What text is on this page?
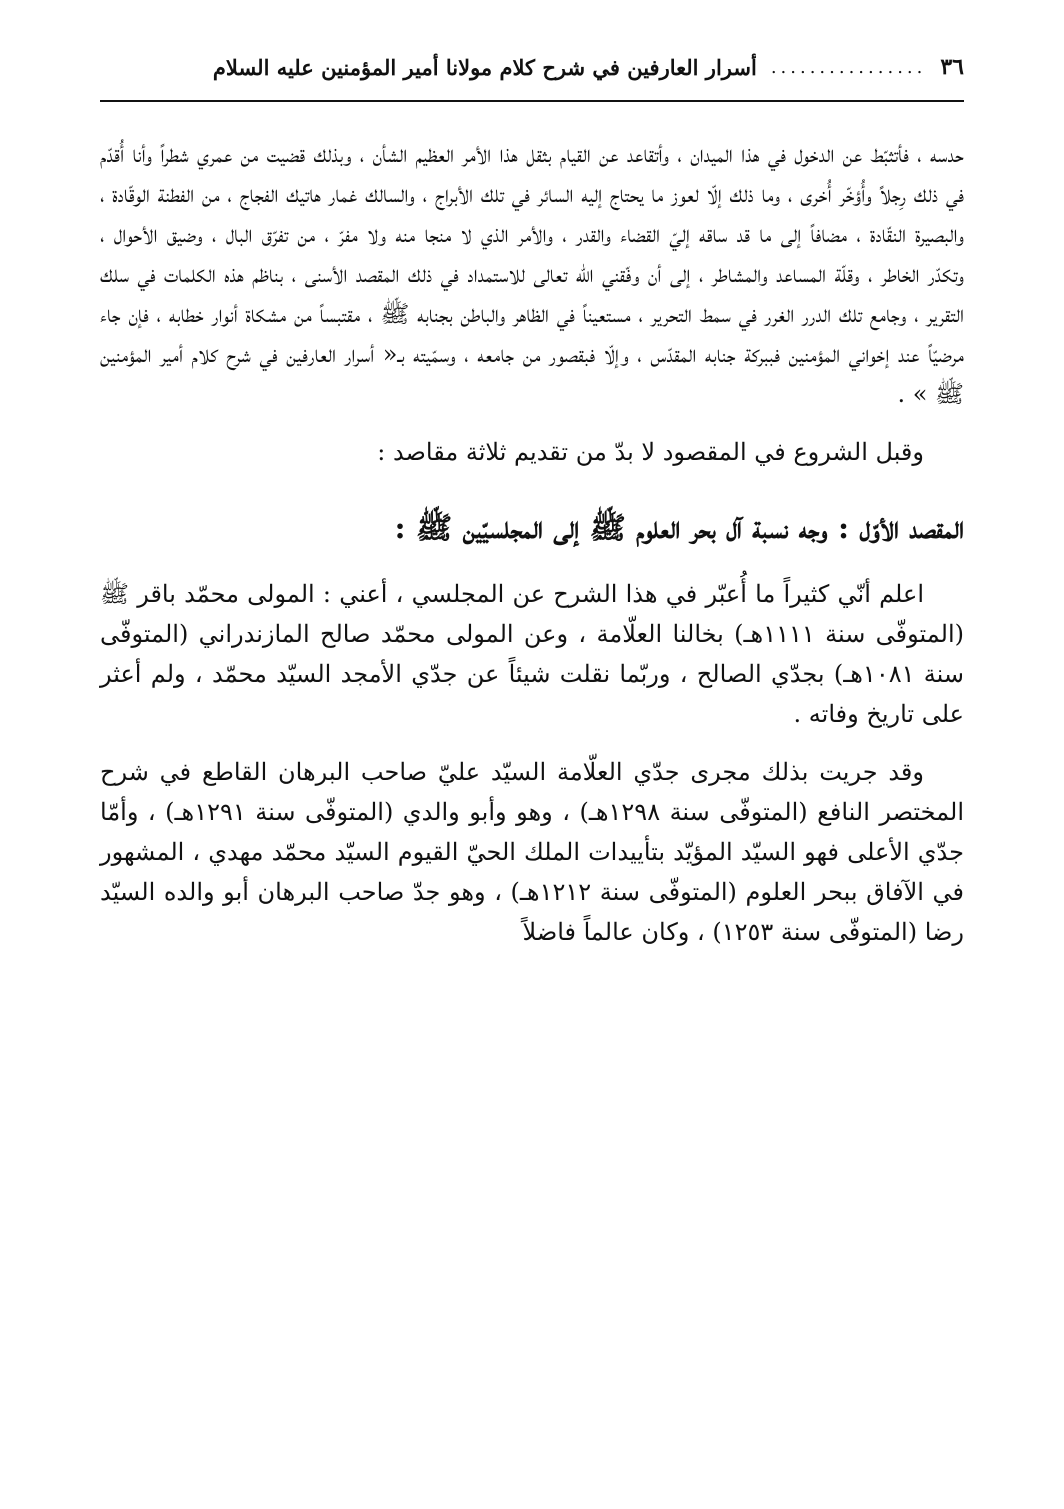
٣٦
................
أسرار العارفين في شرح كلام مولانا أمير المؤمنين عليه السلام

حدسه ، فأتثبّط عن الدخول في هذا الميدان ، وأتقاعد عن القيام بثقل هذا الأمر العظيم الشأن ، وبذلك قضيت من عمري شطراً وأنا أُقدّم في ذلك رِجلاً وأُؤخّر أُخرى ، وما ذلك إلّا لعوز ما يحتاج إليه السائر في تلك الأبراج ، والسالك غمار هاتيك الفجاج ، من الفطنة الوقّادة ، والبصيرة النقّادة ، مضافاً إلى ما قد ساقه إليّ القضاء والقدر ، والأمر الذي لا منجا منه ولا مفرّ ، من تفرّق البال ، وضيق الأحوال ، وتكدّر الخاطر ، وقلّة المساعد والمشاطر ، إلى أن وفّقني الله تعالى للاستمداد في ذلك المقصد الأسنى ، بناظم هذه الكلمات في سلك التقرير ، وجامع تلك الدرر الغرر في سمط التحرير ، مستعيناً في الظاهر والباطن بجنابه ﷺ ، مقتبساً من مشكاة أنوار خطابه ، فإن جاء مرضيّاً عند إخواني المؤمنين فببركة جنابه المقدّس ، وإلّا فبقصور من جامعه ، وسمّيته بـ« أسرار العارفين في شرح كلام أمير المؤمنين ﷺ » .

وقبل الشروع في المقصود لا بدّ من تقديم ثلاثة مقاصد :

المقصد الأوّل : وجه نسبة آل بحر العلوم ﷺ إلى المجلسيّين ﷺ :

اعلم أنّي كثيراً ما أُعبّر في هذا الشرح عن المجلسي ، أعني : المولى محمّد باقر ﷺ (المتوفّى سنة ١١١١هـ) بخالنا العلّامة ، وعن المولى محمّد صالح المازندراني (المتوفّى سنة ١٠٨١هـ) بجدّي الصالح ، وربّما نقلت شيئاً عن جدّي الأمجد السيّد محمّد ، ولم أعثر على تاريخ وفاته .

وقد جريت بذلك مجرى جدّي العلّامة السيّد عليّ صاحب البرهان القاطع في شرح المختصر النافع (المتوفّى سنة ١٢٩٨هـ) ، وهو وأبو والدي (المتوفّى سنة ١٢٩١هـ) ، وأمّا جدّي الأعلى فهو السيّد المؤيّد بتأييدات الملك الحيّ القيوم السيّد محمّد مهدي ، المشهور في الآفاق ببحر العلوم (المتوفّى سنة ١٢١٢هـ) ، وهو جدّ صاحب البرهان أبو والده السيّد رضا (المتوفّى سنة ١٢٥٣) ، وكان عالماً فاضلاً
